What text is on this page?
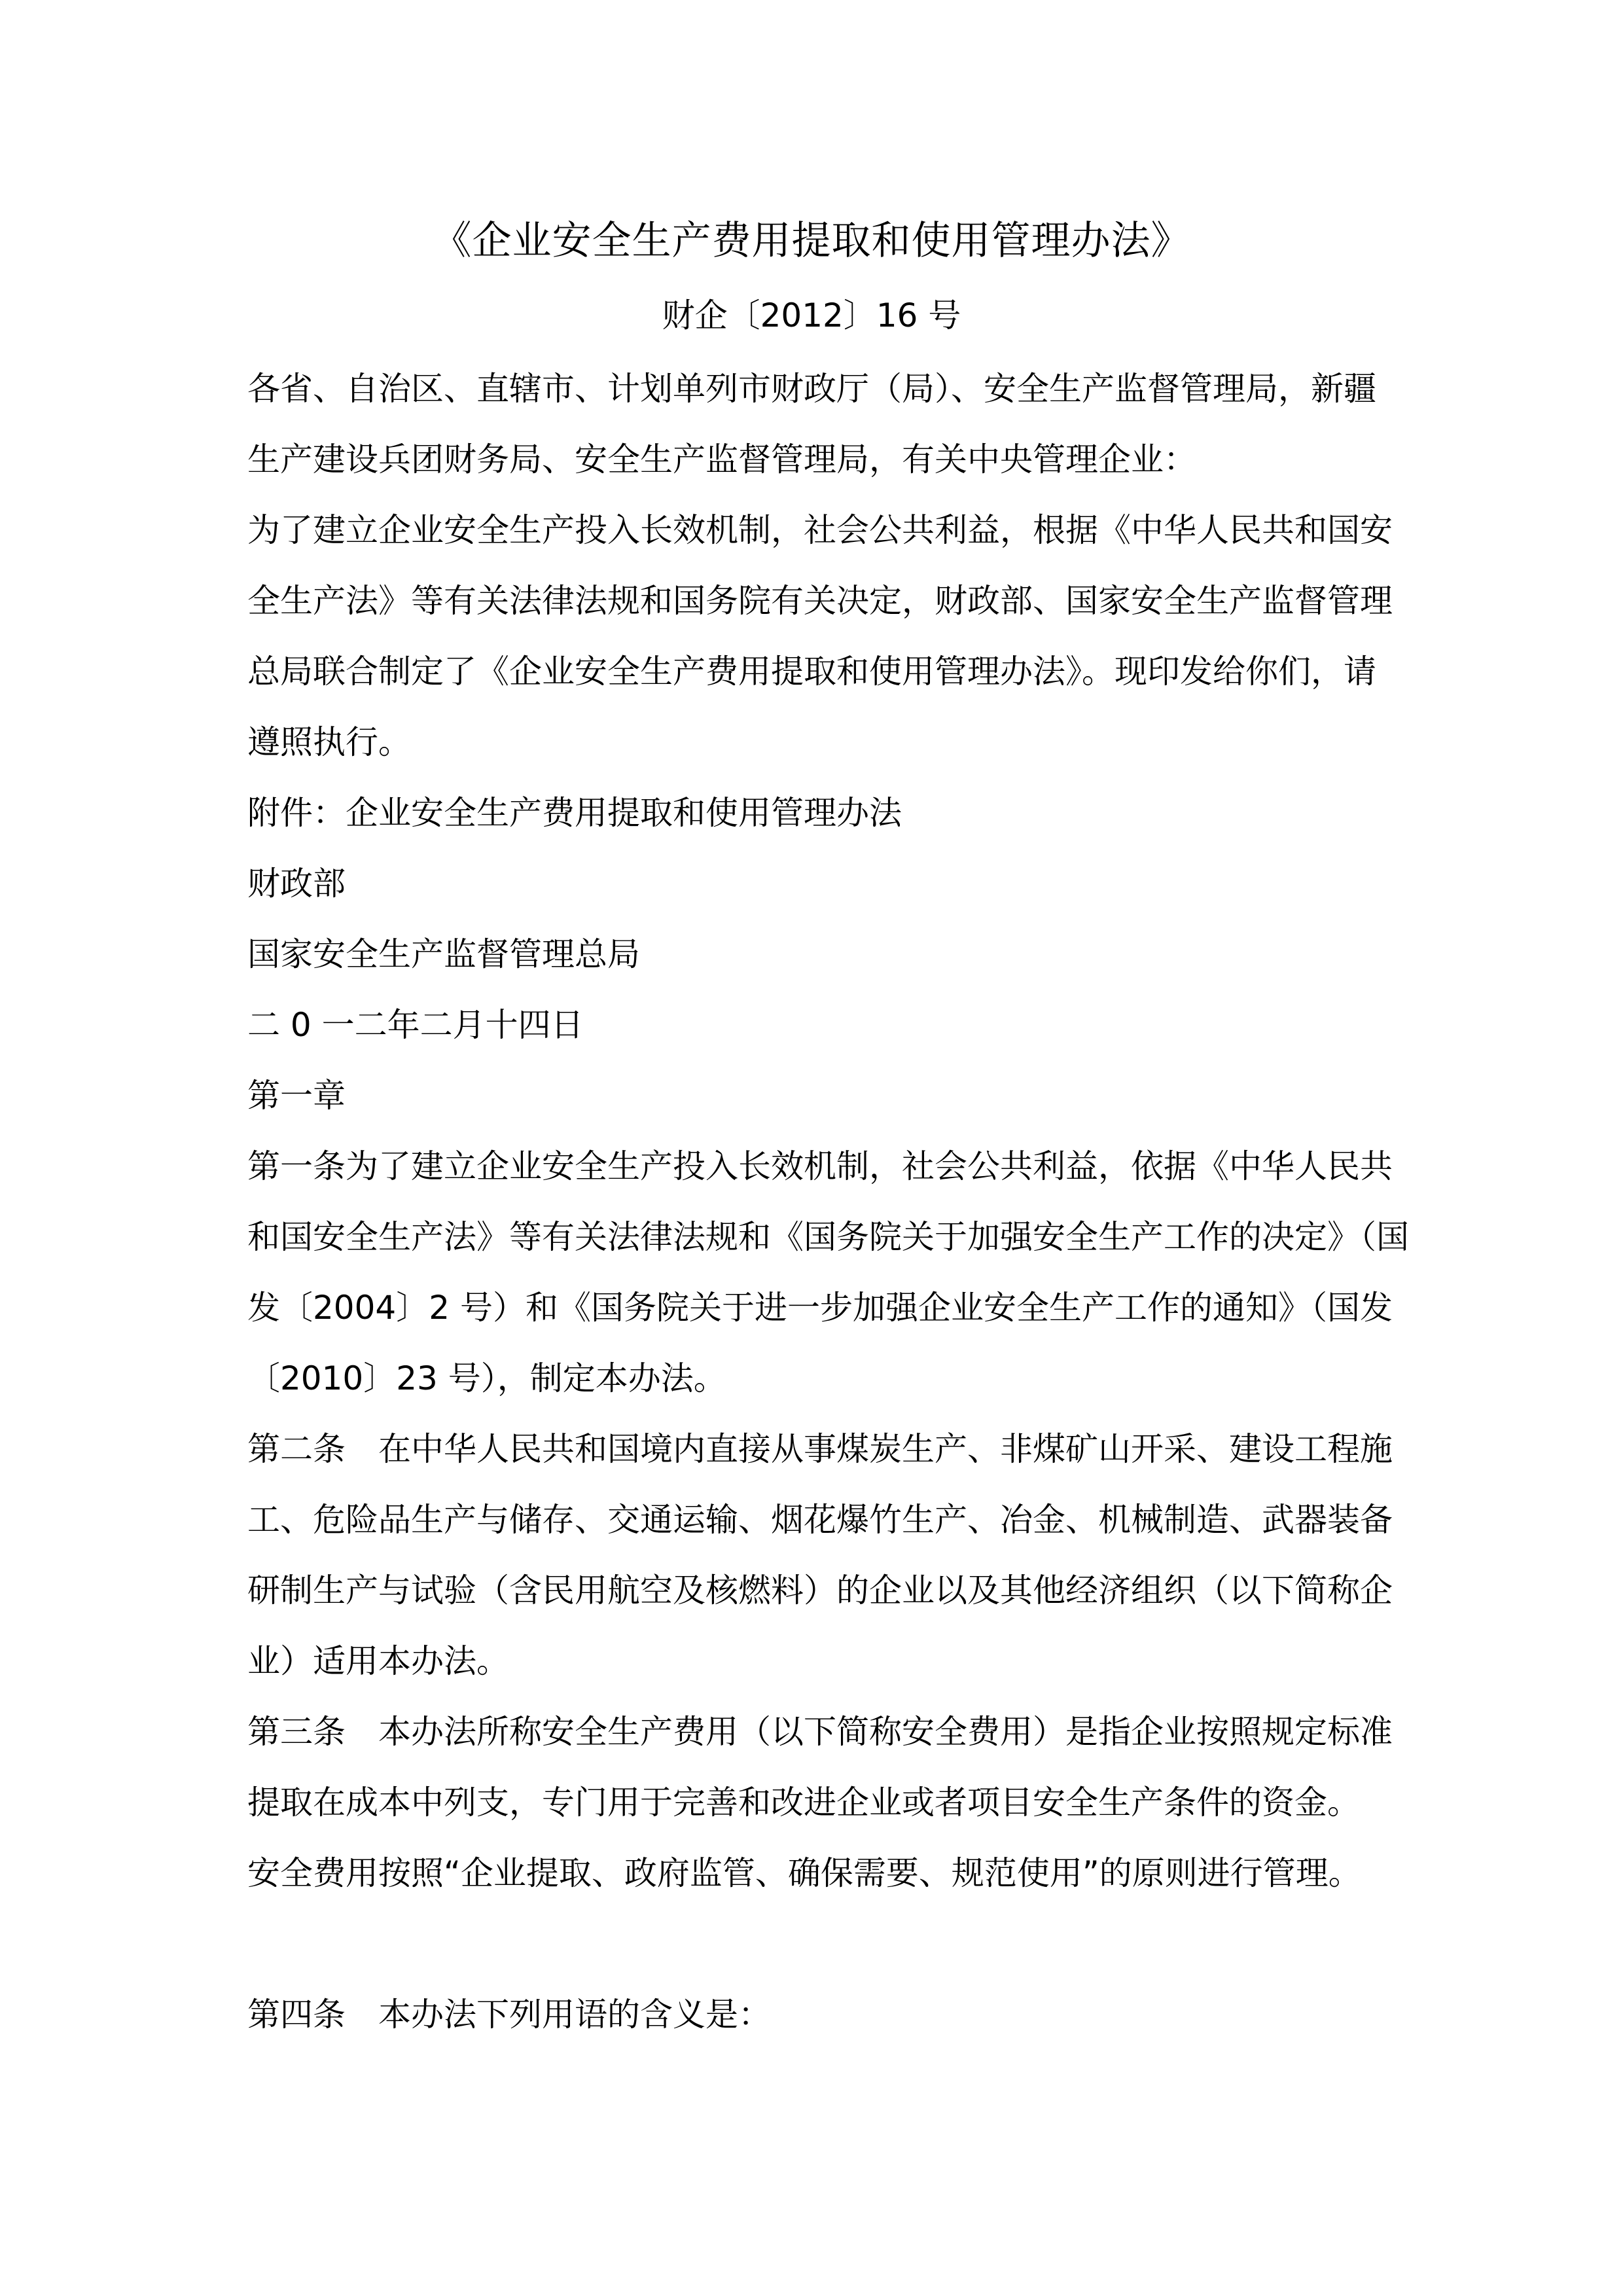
《企业安全生产费用提取和使用管理办法》
财企〔2012〕16 号
各省、自治区、直辖市、计划单列市财政厅（局）、安全生产监督管理局，新疆
生产建设兵团财务局、安全生产监督管理局，有关中央管理企业：
为了建立企业安全生产投入长效机制，社会公共利益，根据《中华人民共和国安
全生产法》等有关法律法规和国务院有关决定，财政部、国家安全生产监督管理
总局联合制定了《企业安全生产费用提取和使用管理办法》。现印发给你们，请
遵照执行。
附件：企业安全生产费用提取和使用管理办法
财政部
国家安全生产监督管理总局
二 0 一二年二月十四日
第一章
第一条为了建立企业安全生产投入长效机制，社会公共利益，依据《中华人民共
和国安全生产法》等有关法律法规和《国务院关于加强安全生产工作的决定》（国
发〔2004〕2 号）和《国务院关于进一步加强企业安全生产工作的通知》（国发
〔2010〕23 号），制定本办法。
第二条　在中华人民共和国境内直接从事煤炭生产、非煤矿山开采、建设工程施
工、危险品生产与储存、交通运输、烟花爆竹生产、冶金、机械制造、武器装备
研制生产与试验（含民用航空及核燃料）的企业以及其他经济组织（以下简称企
业）适用本办法。
第三条　本办法所称安全生产费用（以下简称安全费用）是指企业按照规定标准
提取在成本中列支，专门用于完善和改进企业或者项目安全生产条件的资金。
安全费用按照“企业提取、政府监管、确保需要、规范使用”的原则进行管理。
第四条　本办法下列用语的含义是：
